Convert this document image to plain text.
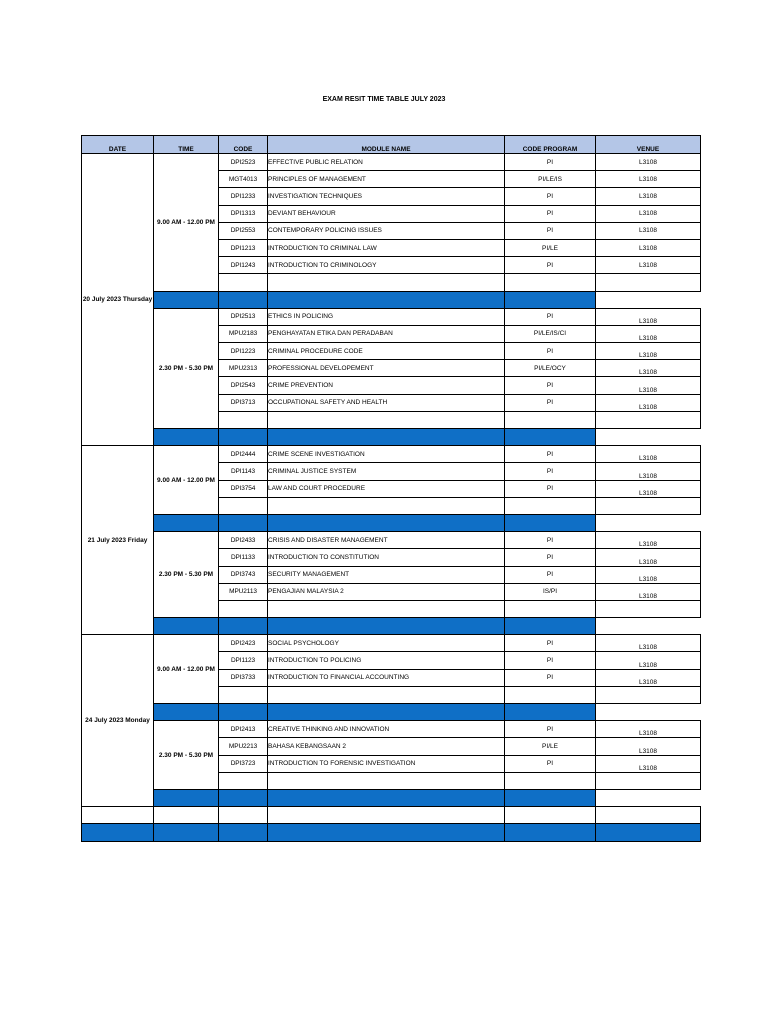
EXAM RESIT TIME TABLE JULY 2023
DATE	TIME	CODE	MODULE NAME	CODE PROGRAM	VENUE
20 July 2023 Thursday	9.00 AM - 12.00 PM	DPI2523	EFFECTIVE PUBLIC RELATION	PI	L3108
		MGT4013	PRINCIPLES OF MANAGEMENT	PI/LE/IS	L3108
		DPI1233	INVESTIGATION TECHNIQUES	PI	L3108
		DPI1313	DEVIANT BEHAVIOUR	PI	L3108
		DPI2553	CONTEMPORARY POLICING ISSUES	PI	L3108
		DPI1213	INTRODUCTION TO CRIMINAL LAW	PI/LE	L3108
		DPI1243	INTRODUCTION TO CRIMINOLOGY	PI	L3108

	2.30 PM - 5.30 PM	DPI2513	ETHICS IN POLICING	PI	L3108
		MPU2183	PENGHAYATAN ETIKA DAN PERADABAN	PI/LE/IS/CI	L3108
		DPI1223	CRIMINAL PROCEDURE CODE	PI	L3108
		MPU2313	PROFESSIONAL DEVELOPEMENT	PI/LE/OCY	L3108
		DPI2543	CRIME PREVENTION	PI	L3108
		DPI3713	OCCUPATIONAL SAFETY AND HEALTH	PI	L3108

21 July 2023 Friday	9.00 AM - 12.00 PM	DPI2444	CRIME SCENE INVESTIGATION	PI	L3108
		DPI1143	CRIMINAL JUSTICE SYSTEM	PI	L3108
		DPI3754	LAW AND COURT PROCEDURE	PI	L3108

	2.30 PM - 5.30 PM	DPI2433	CRISIS AND DISASTER MANAGEMENT	PI	L3108
		DPI1133	INTRODUCTION TO CONSTITUTION	PI	L3108
		DPI3743	SECURITY MANAGEMENT	PI	L3108
		MPU2113	PENGAJIAN MALAYSIA 2	IS/PI	L3108

24 July 2023 Monday	9.00 AM - 12.00 PM	DPI2423	SOCIAL PSYCHOLOGY	PI	L3108
		DPI1123	INTRODUCTION TO POLICING	PI	L3108
		DPI3733	INTRODUCTION TO FINANCIAL ACCOUNTING	PI	L3108

	2.30 PM - 5.30 PM	DPI2413	CREATIVE THINKING AND INNOVATION	PI	L3108
		MPU2213	BAHASA KEBANGSAAN 2	PI/LE	L3108
		DPI3723	INTRODUCTION TO FORENSIC INVESTIGATION	PI	L3108
